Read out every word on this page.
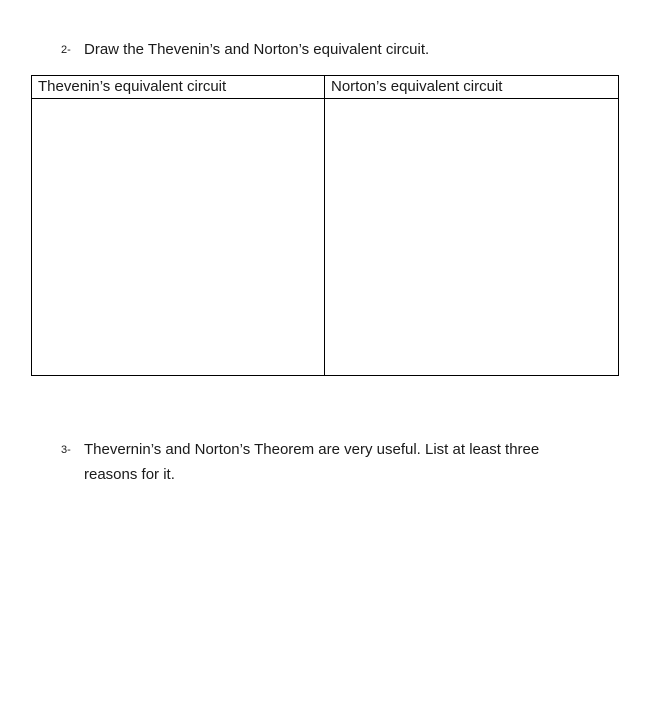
2- Draw the Thevenin’s and Norton’s equivalent circuit.
Thevenin’s equivalent circuit	Norton’s equivalent circuit

3- Thevernin’s and Norton’s Theorem are very useful. List at least three reasons for it.
